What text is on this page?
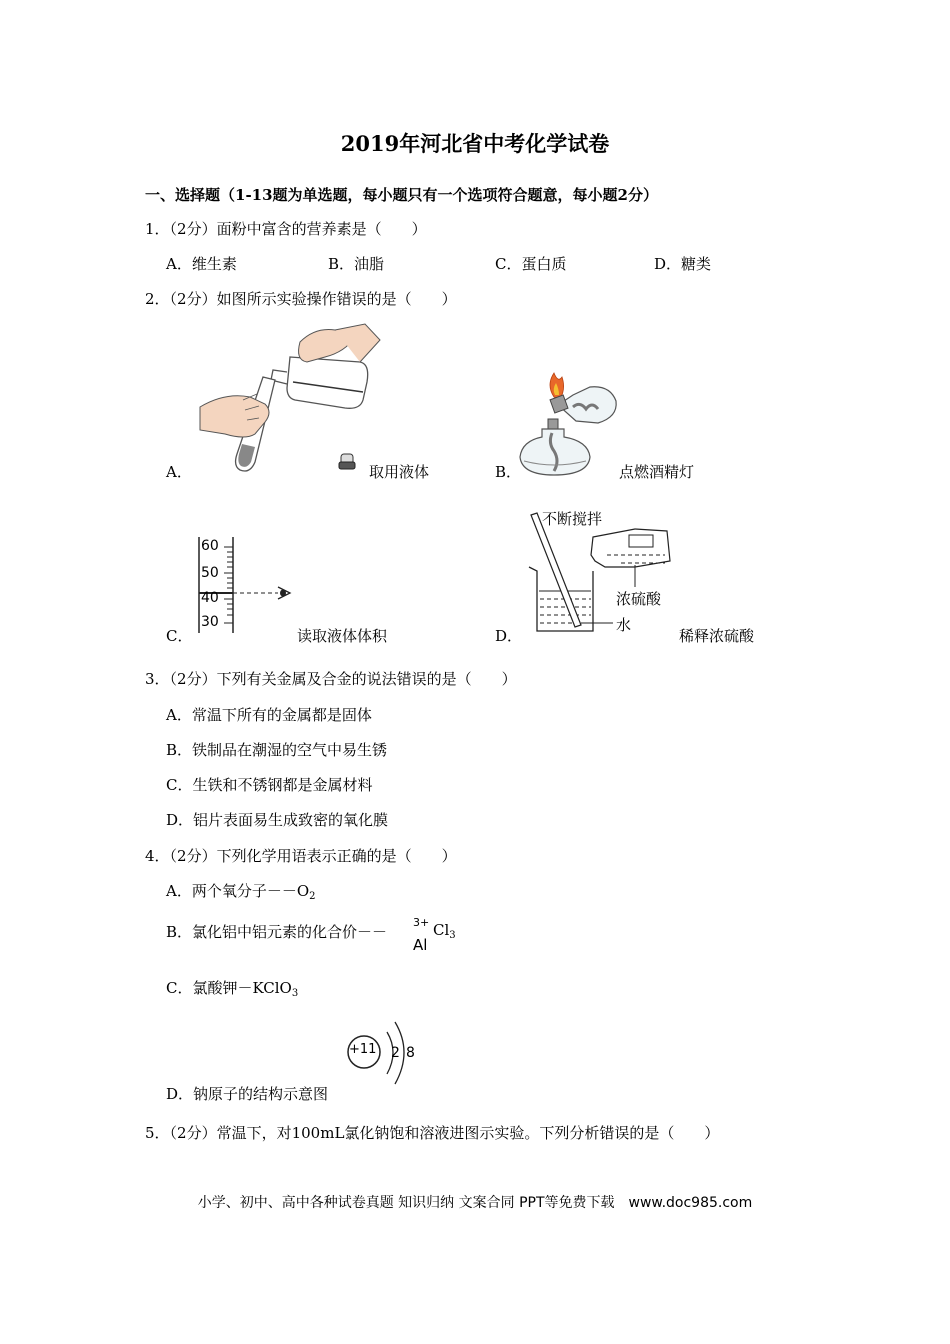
2019年河北省中考化学试卷
一、选择题（1-13题为单选题，每小题只有一个选项符合题意，每小题2分）
1．（2分）面粉中富含的营养素是（　　）
A．维生素	B．油脂	C．蛋白质	D．糖类
2．（2分）如图所示实验操作错误的是（　　）
A．	取用液体	B．	点燃酒精灯
60
50
40
30
C．	读取液体体积
不断搅拌
浓硫酸
水
D．	稀释浓硫酸
3．（2分）下列有关金属及合金的说法错误的是（　　）
A．常温下所有的金属都是固体
B．铁制品在潮湿的空气中易生锈
C．生铁和不锈钢都是金属材料
D．铝片表面易生成致密的氧化膜
4．（2分）下列化学用语表示正确的是（　　）
A．两个氧分子$--O_2$
B．氯化铝中铝元素的化合价－－
3+
Al
$Cl_3$
C．氯酸钾－KClO$_3$
+11 2 8
D．钠原子的结构示意图
5．（2分）常温下，对100mL氯化钠饱和溶液进图示实验。下列分析错误的是（　　）
小学、初中、高中各种试卷真题 知识归纳 文案合同 PPT等免费下载　www.doc985.com
